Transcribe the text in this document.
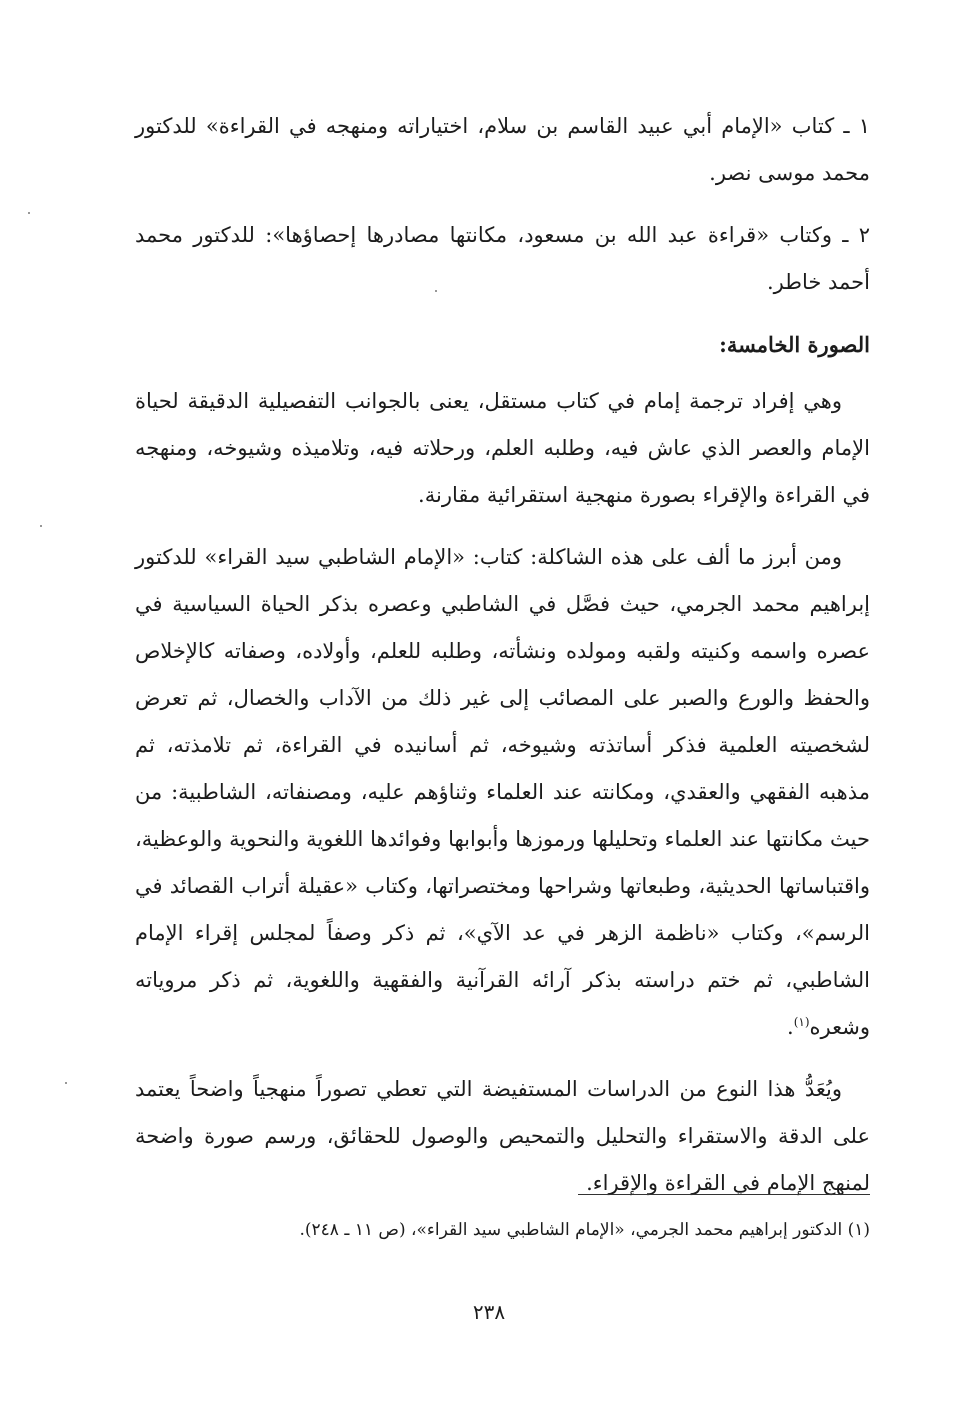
١ ـ كتاب «الإمام أبي عبيد القاسم بن سلام، اختياراته ومنهجه في القراءة» للدكتور محمد موسى نصر.

٢ ـ وكتاب «قراءة عبد الله بن مسعود، مكانتها مصادرها إحصاؤها»: للدكتور محمد أحمد خاطر.

الصورة الخامسة:

وهي إفراد ترجمة إمام في كتاب مستقل، يعنى بالجوانب التفصيلية الدقيقة لحياة الإمام والعصر الذي عاش فيه، وطلبه العلم، ورحلاته فيه، وتلاميذه وشيوخه، ومنهجه في القراءة والإقراء بصورة منهجية استقرائية مقارنة.

ومن أبرز ما ألف على هذه الشاكلة: كتاب: «الإمام الشاطبي سيد القراء» للدكتور إبراهيم محمد الجرمي، حيث فصَّل في الشاطبي وعصره بذكر الحياة السياسية في عصره واسمه وكنيته ولقبه ومولده ونشأته، وطلبه للعلم، وأولاده، وصفاته كالإخلاص والحفظ والورع والصبر على المصائب إلى غير ذلك من الآداب والخصال، ثم تعرض لشخصيته العلمية فذكر أساتذته وشيوخه، ثم أسانيده في القراءة، ثم تلامذته، ثم مذهبه الفقهي والعقدي، ومكانته عند العلماء وثناؤهم عليه، ومصنفاته، الشاطبية: من حيث مكانتها عند العلماء وتحليلها ورموزها وأبوابها وفوائدها اللغوية والنحوية والوعظية، واقتباساتها الحديثية، وطبعاتها وشراحها ومختصراتها، وكتاب «عقيلة أتراب القصائد في الرسم»، وكتاب «ناظمة الزهر في عد الآي»، ثم ذكر وصفاً لمجلس إقراء الإمام الشاطبي، ثم ختم دراسته بذكر آرائه القرآنية والفقهية واللغوية، ثم ذكر مروياته وشعره$^{(١)}$.

ويُعَدُّ هذا النوع من الدراسات المستفيضة التي تعطي تصوراً منهجياً واضحاً يعتمد على الدقة والاستقراء والتحليل والتمحيص والوصول للحقائق، ورسم صورة واضحة لمنهج الإمام في القراءة والإقراء.

(١) الدكتور إبراهيم محمد الجرمي، «الإمام الشاطبي سيد القراء»، (ص ١١ ـ ٢٤٨).
٢٣٨
